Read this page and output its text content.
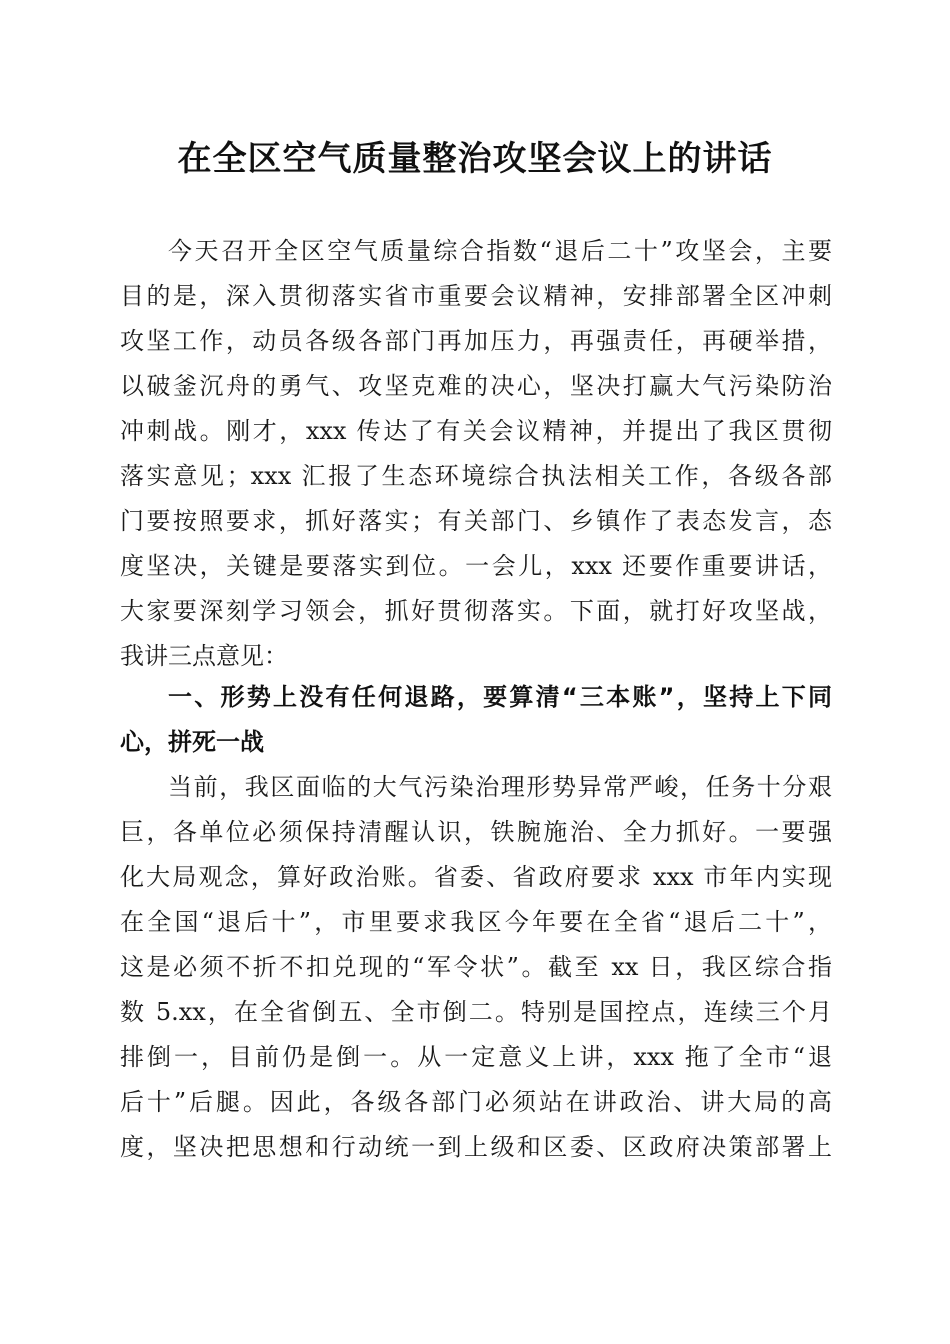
在全区空气质量整治攻坚会议上的讲话

今天召开全区空气质量综合指数“退后二十”攻坚会，主要

目的是，深入贯彻落实省市重要会议精神，安排部署全区冲刺

攻坚工作，动员各级各部门再加压力，再强责任，再硬举措，

以破釜沉舟的勇气、攻坚克难的决心，坚决打赢大气污染防治

冲刺战。刚才，xxx 传达了有关会议精神，并提出了我区贯彻

落实意见；xxx 汇报了生态环境综合执法相关工作，各级各部

门要按照要求，抓好落实；有关部门、乡镇作了表态发言，态

度坚决，关键是要落实到位。一会儿，xxx 还要作重要讲话，

大家要深刻学习领会，抓好贯彻落实。下面，就打好攻坚战，

我讲三点意见：

一、形势上没有任何退路，要算清“三本账”，坚持上下同

心，拼死一战

当前，我区面临的大气污染治理形势异常严峻，任务十分艰

巨，各单位必须保持清醒认识，铁腕施治、全力抓好。一要强

化大局观念，算好政治账。省委、省政府要求 xxx 市年内实现

在全国“退后十”，市里要求我区今年要在全省“退后二十”，

这是必须不折不扣兑现的“军令状”。截至 xx 日，我区综合指

数 5.xx，在全省倒五、全市倒二。特别是国控点，连续三个月

排倒一，目前仍是倒一。从一定意义上讲，xxx 拖了全市“退

后十”后腿。因此，各级各部门必须站在讲政治、讲大局的高

度，坚决把思想和行动统一到上级和区委、区政府决策部署上
